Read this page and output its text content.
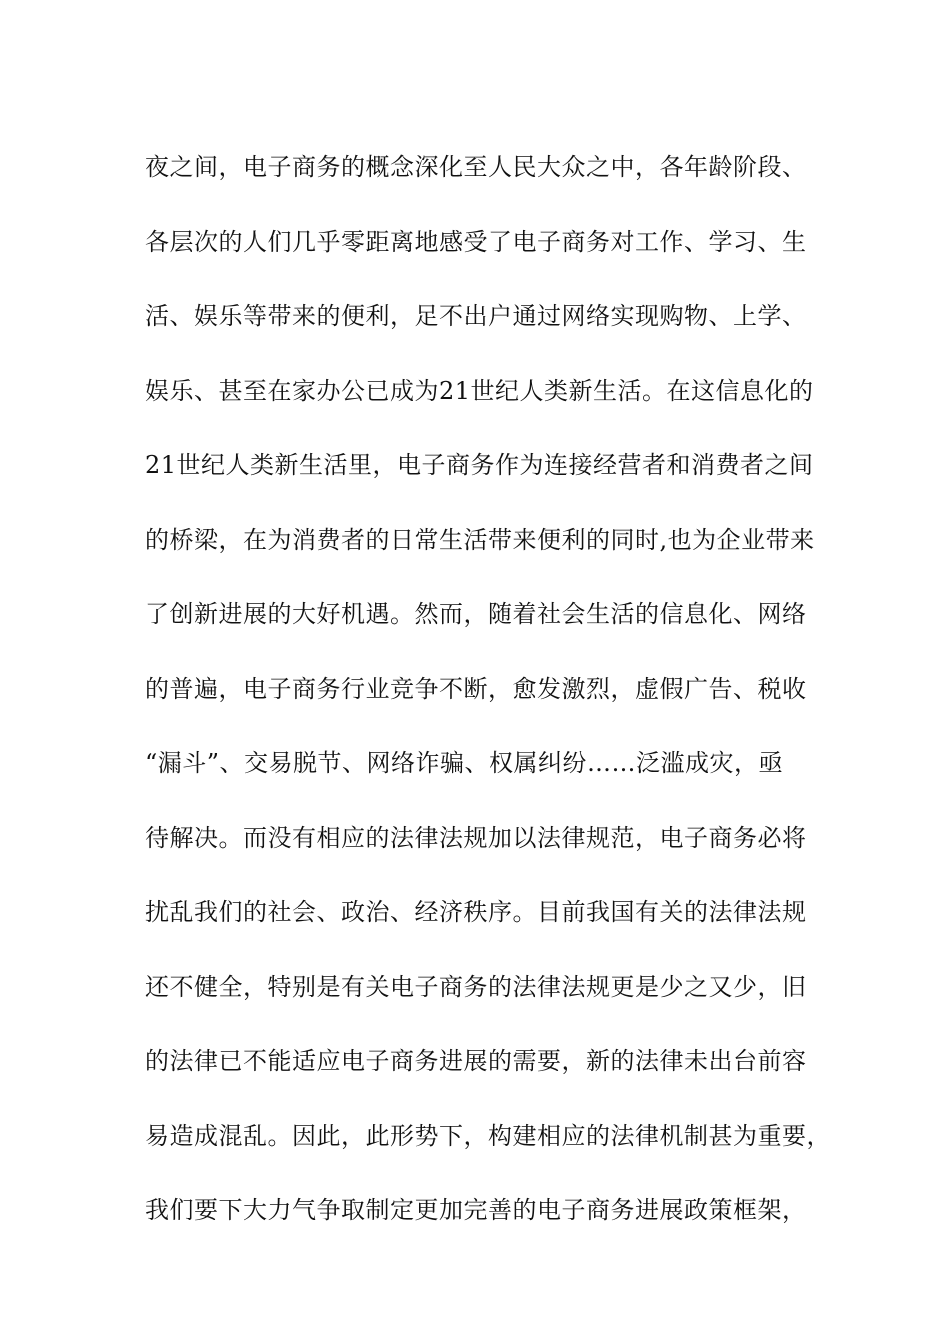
夜之间，电子商务的概念深化至人民大众之中，各年龄阶段、
各层次的人们几乎零距离地感受了电子商务对工作、学习、生
活、娱乐等带来的便利，足不出户通过网络实现购物、上学、
娱乐、甚至在家办公已成为21世纪人类新生活。在这信息化的
21世纪人类新生活里，电子商务作为连接经营者和消费者之间
的桥梁，在为消费者的日常生活带来便利的同时,也为企业带来
了创新进展的大好机遇。然而，随着社会生活的信息化、网络
的普遍，电子商务行业竞争不断，愈发激烈，虚假广告、税收
“漏斗”、交易脱节、网络诈骗、权属纠纷……泛滥成灾，亟
待解决。而没有相应的法律法规加以法律规范，电子商务必将
扰乱我们的社会、政治、经济秩序。目前我国有关的法律法规
还不健全，特别是有关电子商务的法律法规更是少之又少，旧
的法律已不能适应电子商务进展的需要，新的法律未出台前容
易造成混乱。因此，此形势下，构建相应的法律机制甚为重要，
我们要下大力气争取制定更加完善的电子商务进展政策框架，
